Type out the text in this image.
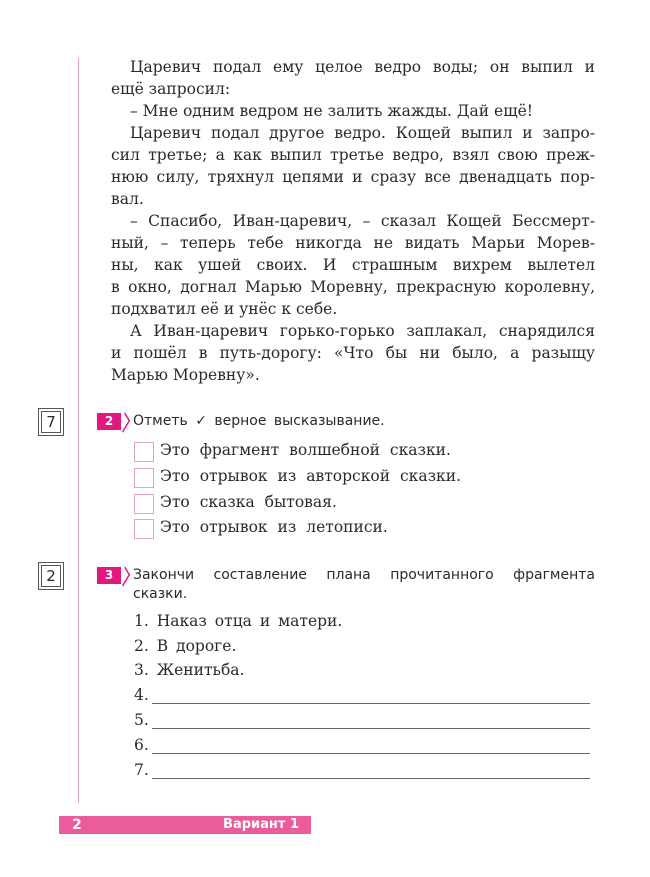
Царевич подал ему целое ведро воды; он выпил и
ещё запросил:
– Мне одним ведром не залить жажды. Дай ещё!
Царевич подал другое ведро. Кощей выпил и запро-
сил третье; а как выпил третье ведро, взял свою преж-
нюю силу, тряхнул цепями и сразу все двенадцать пор-
вал.
– Спасибо, Иван-царевич, – сказал Кощей Бессмерт-
ный, – теперь тебе никогда не видать Марьи Морев-
ны, как ушей своих. И страшным вихрем вылетел
в окно, догнал Марью Моревну, прекрасную королевну,
подхватил её и унёс к себе.
А Иван-царевич горько-горько заплакал, снарядился
и пошёл в путь-дорогу: «Что бы ни было, а разыщу
Марью Моревну».
7	2	Отметь ✓ верное высказывание.
Это фрагмент волшебной сказки.
Это отрывок из авторской сказки.
Это сказка бытовая.
Это отрывок из летописи.
2	3	Закончи составление плана прочитанного фрагмента сказки.
1. Наказ отца и матери.
2. В дороге.
3. Женитьба.
4.
5.
6.
7.
2	Вариант 1
